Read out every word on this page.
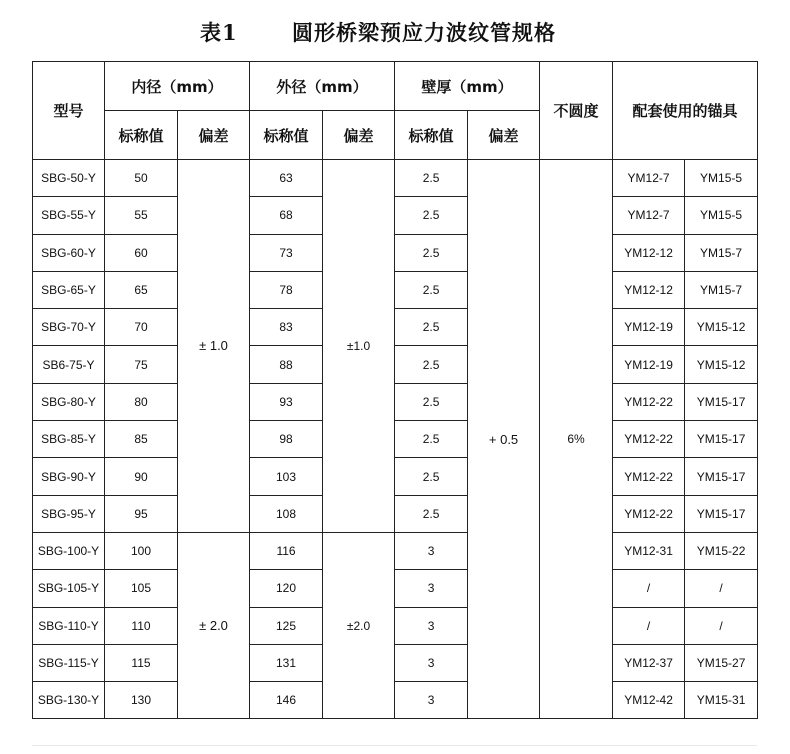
表1	圆形桥梁预应力波纹管规格
型号	内径（mm）		外径（mm）		壁厚（mm）		不圆度	配套使用的锚具	
	标称值	偏差	标称值	偏差	标称值	偏差			
SBG-50-Y	50	± 1.0	63	±1.0	2.5	+ 0.5	6%	YM12-7	YM15-5
SBG-55-Y	55		68		2.5			YM12-7	YM15-5
SBG-60-Y	60		73		2.5			YM12-12	YM15-7
SBG-65-Y	65		78		2.5			YM12-12	YM15-7
SBG-70-Y	70		83		2.5			YM12-19	YM15-12
SB6-75-Y	75		88		2.5			YM12-19	YM15-12
SBG-80-Y	80		93		2.5			YM12-22	YM15-17
SBG-85-Y	85		98		2.5			YM12-22	YM15-17
SBG-90-Y	90		103		2.5			YM12-22	YM15-17
SBG-95-Y	95		108		2.5			YM12-22	YM15-17
SBG-100-Y	100	± 2.0	116	±2.0	3			YM12-31	YM15-22
SBG-105-Y	105		120		3			/	/
SBG-110-Y	110		125		3			/	/
SBG-115-Y	115		131		3			YM12-37	YM15-27
SBG-130-Y	130		146		3			YM12-42	YM15-31
